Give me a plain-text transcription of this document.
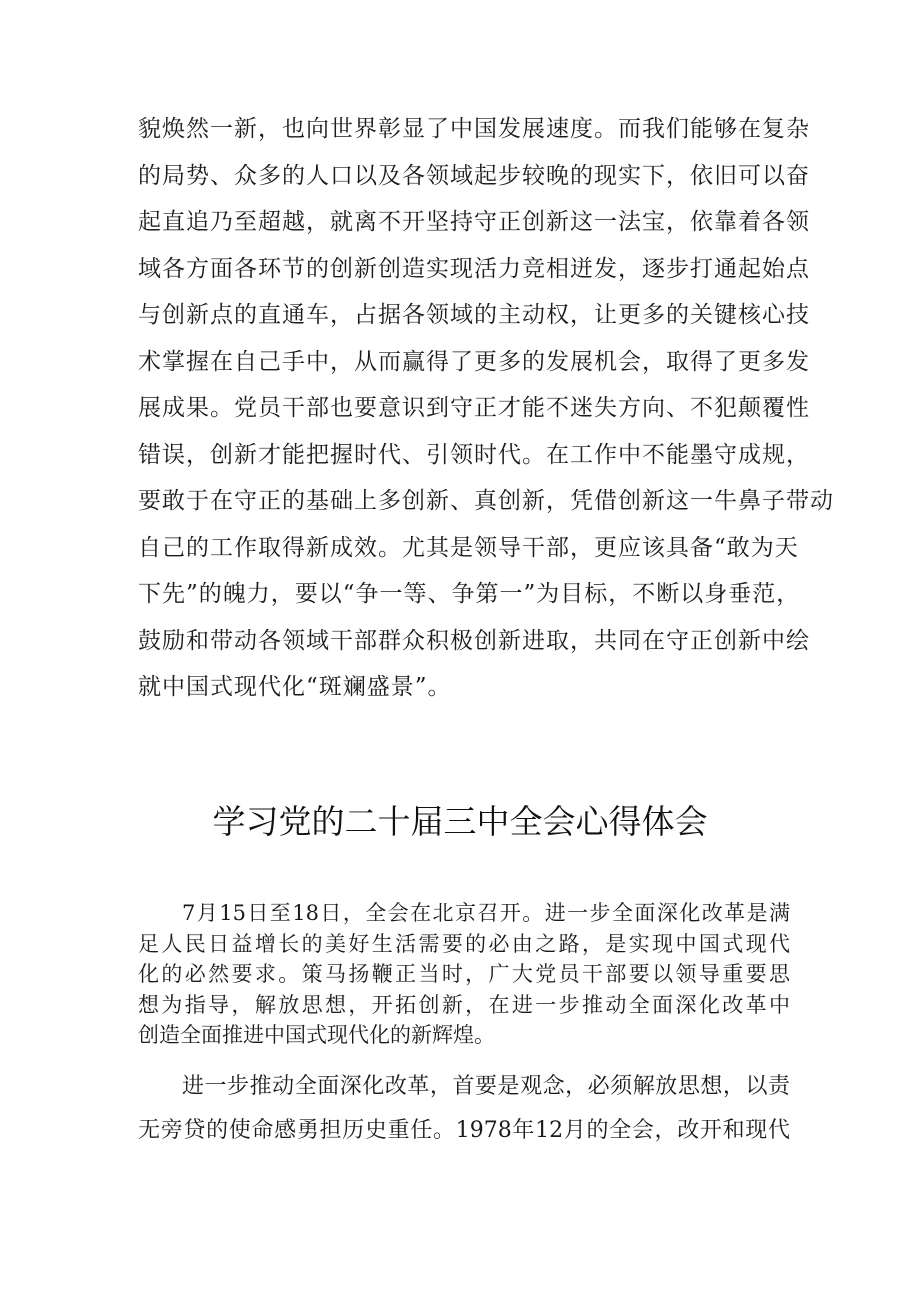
貌焕然一新，也向世界彰显了中国发展速度。而我们能够在复杂
的局势、众多的人口以及各领域起步较晚的现实下，依旧可以奋
起直追乃至超越，就离不开坚持守正创新这一法宝，依靠着各领
域各方面各环节的创新创造实现活力竞相迸发，逐步打通起始点
与创新点的直通车，占据各领域的主动权，让更多的关键核心技
术掌握在自己手中，从而赢得了更多的发展机会，取得了更多发
展成果。党员干部也要意识到守正才能不迷失方向、不犯颠覆性
错误，创新才能把握时代、引领时代。在工作中不能墨守成规，
要敢于在守正的基础上多创新、真创新，凭借创新这一牛鼻子带动
自己的工作取得新成效。尤其是领导干部，更应该具备“敢为天
下先”的魄力，要以“争一等、争第一”为目标，不断以身垂范，
鼓励和带动各领域干部群众积极创新进取，共同在守正创新中绘
就中国式现代化“斑斓盛景”。
学习党的二十届三中全会心得体会
7月15日至18日，全会在北京召开。进一步全面深化改革是满
足人民日益增长的美好生活需要的必由之路，是实现中国式现代
化的必然要求。策马扬鞭正当时，广大党员干部要以领导重要思
想为指导，解放思想，开拓创新，在进一步推动全面深化改革中
创造全面推进中国式现代化的新辉煌。
进一步推动全面深化改革，首要是观念，必须解放思想，以责
无旁贷的使命感勇担历史重任。1978年12月的全会，改开和现代
